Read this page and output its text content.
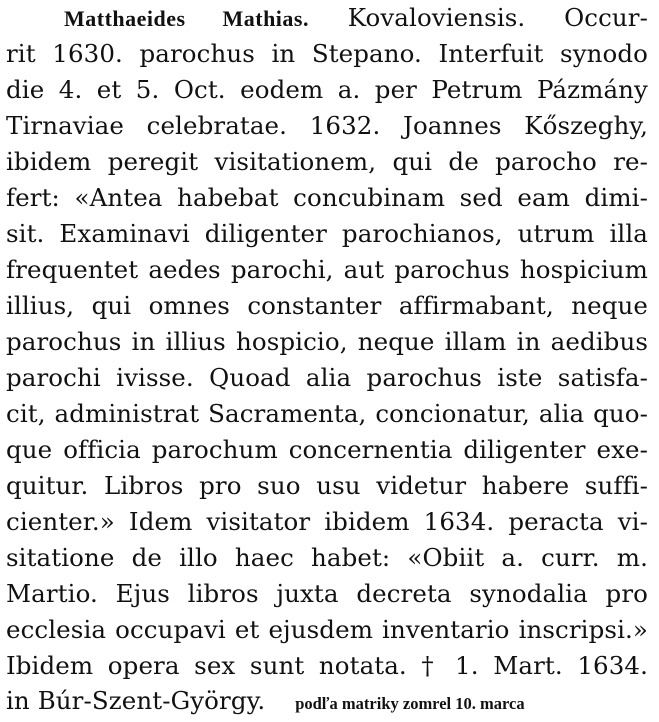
Matthaeides Mathias. Kovaloviensis. Occur-

rit 1630. parochus in Stepano. Interfuit synodo

die 4. et 5. Oct. eodem a. per Petrum Pázmány

Tirnaviae celebratae. 1632. Joannes Kőszeghy,

ibidem peregit visitationem, qui de parocho re-

fert: «Antea habebat concubinam sed eam dimi-

sit. Examinavi diligenter parochianos, utrum illa

frequentet aedes parochi, aut parochus hospicium

illius, qui omnes constanter affirmabant, neque

parochus in illius hospicio, neque illam in aedibus

parochi ivisse. Quoad alia parochus iste satisfa-

cit, administrat Sacramenta, concionatur, alia quo-

que officia parochum concernentia diligenter exe-

quitur. Libros pro suo usu videtur habere suffi-

cienter.» Idem visitator ibidem 1634. peracta vi-

sitatione de illo haec habet: «Obiit a. curr. m.

Martio. Ejus libros juxta decreta synodalia pro

ecclesia occupavi et ejusdem inventario inscripsi.»

Ibidem opera sex sunt notata. † 1. Mart. 1634.

in Búr-Szent-György. podľa matriky zomrel 10. marca
